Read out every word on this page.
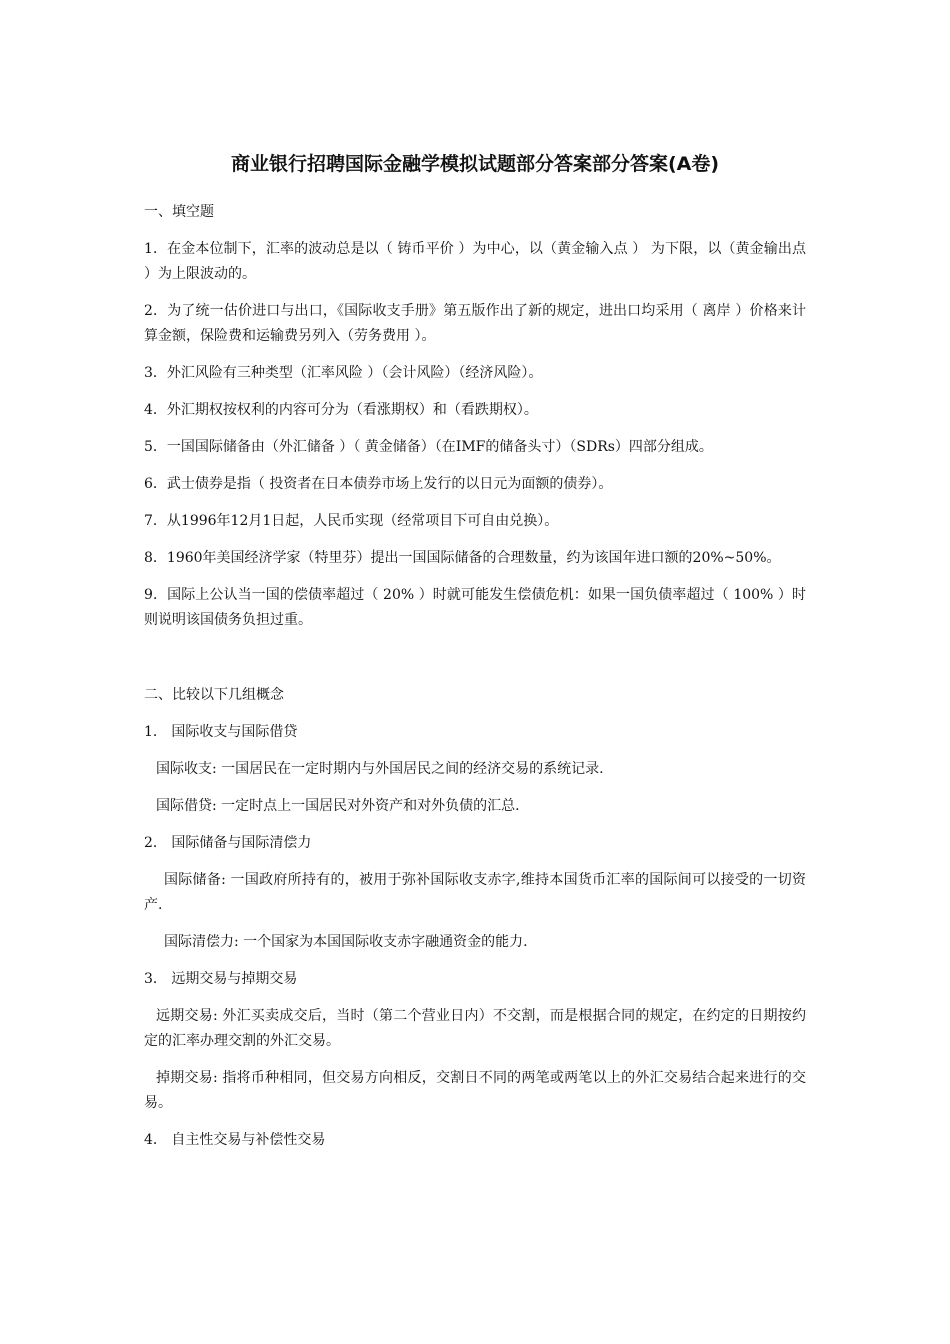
商业银行招聘国际金融学模拟试题部分答案部分答案(A卷)
一、填空题
1．在金本位制下，汇率的波动总是以（ 铸币平价 ）为中心，以（黄金输入点 ） 为下限，以（黄金输出点 ）为上限波动的。
2．为了统一估价进口与出口，《国际收支手册》第五版作出了新的规定，进出口均采用（ 离岸 ）价格来计算金额，保险费和运输费另列入（劳务费用 ）。
3．外汇风险有三种类型（汇率风险 ）（会计风险）（经济风险）。
4．外汇期权按权利的内容可分为（看涨期权）和（看跌期权）。
5．一国国际储备由（外汇储备 ）（ 黄金储备）（在IMF的储备头寸）（SDRs）四部分组成。
6．武士债券是指（ 投资者在日本债券市场上发行的以日元为面额的债券）。
7．从1996年12月1日起，人民币实现（经常项目下可自由兑换）。
8．1960年美国经济学家（特里芬）提出一国国际储备的合理数量，约为该国年进口额的20%~50%。
9．国际上公认当一国的偿债率超过（ 20% ）时就可能发生偿债危机：如果一国负债率超过（ 100% ）时则说明该国债务负担过重。
二、比较以下几组概念
1． 国际收支与国际借贷
国际收支: 一国居民在一定时期内与外国居民之间的经济交易的系统记录.
国际借贷: 一定时点上一国居民对外资产和对外负债的汇总.
2． 国际储备与国际清偿力
国际储备: 一国政府所持有的，被用于弥补国际收支赤字,维持本国货币汇率的国际间可以接受的一切资产.
国际清偿力: 一个国家为本国国际收支赤字融通资金的能力.
3． 远期交易与掉期交易
远期交易: 外汇买卖成交后，当时（第二个营业日内）不交割，而是根据合同的规定，在约定的日期按约定的汇率办理交割的外汇交易。
掉期交易: 指将币种相同，但交易方向相反，交割日不同的两笔或两笔以上的外汇交易结合起来进行的交易。
4． 自主性交易与补偿性交易
